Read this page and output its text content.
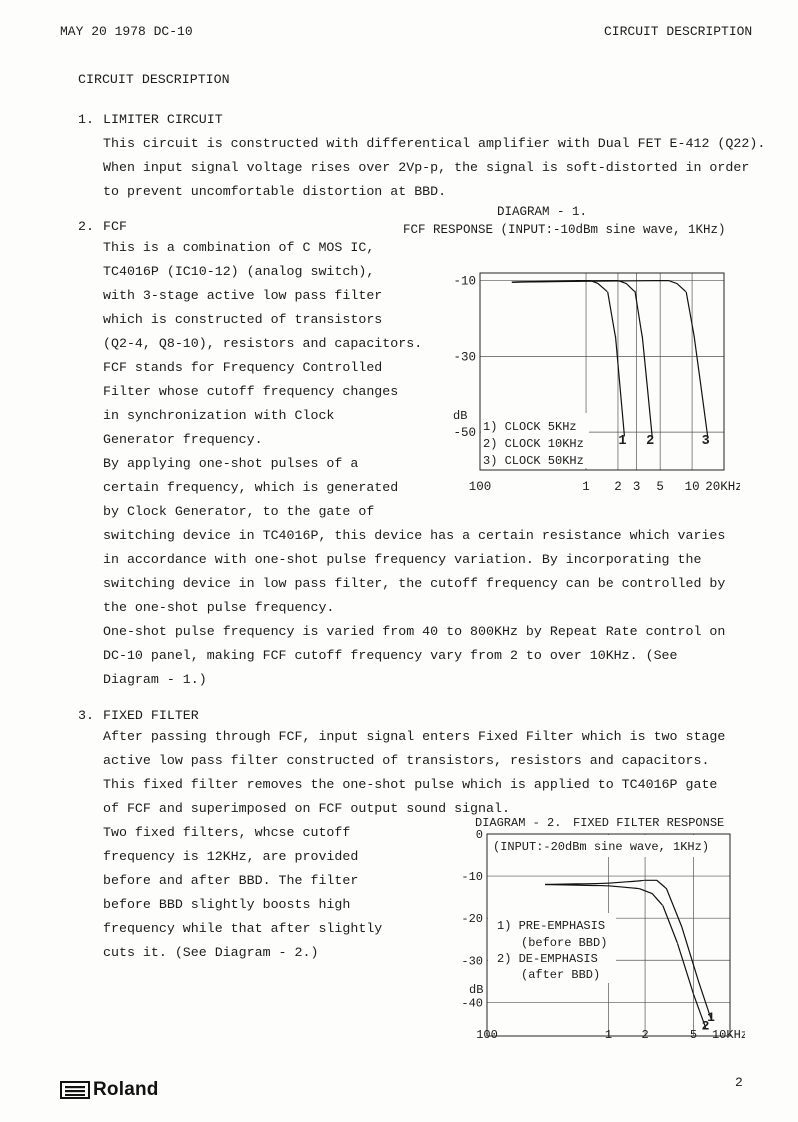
MAY 20 1978 DC-10	CIRCUIT DESCRIPTION
CIRCUIT DESCRIPTION
1. LIMITER CIRCUIT
This circuit is constructed with differentical amplifier with Dual FET E-412 (Q22).
When input signal voltage rises over 2Vp-p, the signal is soft-distorted in order
to prevent uncomfortable distortion at BBD.
2. FCF
This is a combination of C MOS IC,
TC4016P (IC10-12) (analog switch),
with 3-stage active low pass filter
which is constructed of transistors
(Q2-4, Q8-10), resistors and capacitors.
FCF stands for Frequency Controlled
Filter whose cutoff frequency changes
in synchronization with Clock
Generator frequency.
By applying one-shot pulses of a
certain frequency, which is generated
by Clock Generator, to the gate of
switching device in TC4016P, this device has a certain resistance which varies
in accordance with one-shot pulse frequency variation. By incorporating the
switching device in low pass filter, the cutoff frequency can be controlled by
the one-shot pulse frequency.
One-shot pulse frequency is varied from 40 to 800KHz by Repeat Rate control on
DC-10 panel, making FCF cutoff frequency vary from 2 to over 10KHz. (See
Diagram - 1.)
3. FIXED FILTER
After passing through FCF, input signal enters Fixed Filter which is two stage
active low pass filter constructed of transistors, resistors and capacitors.
This fixed filter removes the one-shot pulse which is applied to TC4016P gate
of FCF and superimposed on FCF output sound signal.
Two fixed filters, whcse cutoff
frequency is 12KHz, are provided
before and after BBD. The filter
before BBD slightly boosts high
frequency while that after slightly
cuts it. (See Diagram - 2.)
DIAGRAM - 1.
FCF RESPONSE (INPUT:-10dBm sine wave, 1KHz)
100	1 2 3 5 10 20KHz
-10
-30
-50
dB
1 2	3
1) CLOCK 5KHz
2) CLOCK 10KHz
3) CLOCK 50KHz
DIAGRAM - 2. FIXED FILTER RESPONSE
1
2
(INPUT:-20dBm sine wave, 1KHz)
1) PRE-EMPHASIS
(before BBD)
2) DE-EMPHASIS
(after BBD)
0
-10
-20
-30
-40
100	1 2	5 10KHz
dB
Roland	2
